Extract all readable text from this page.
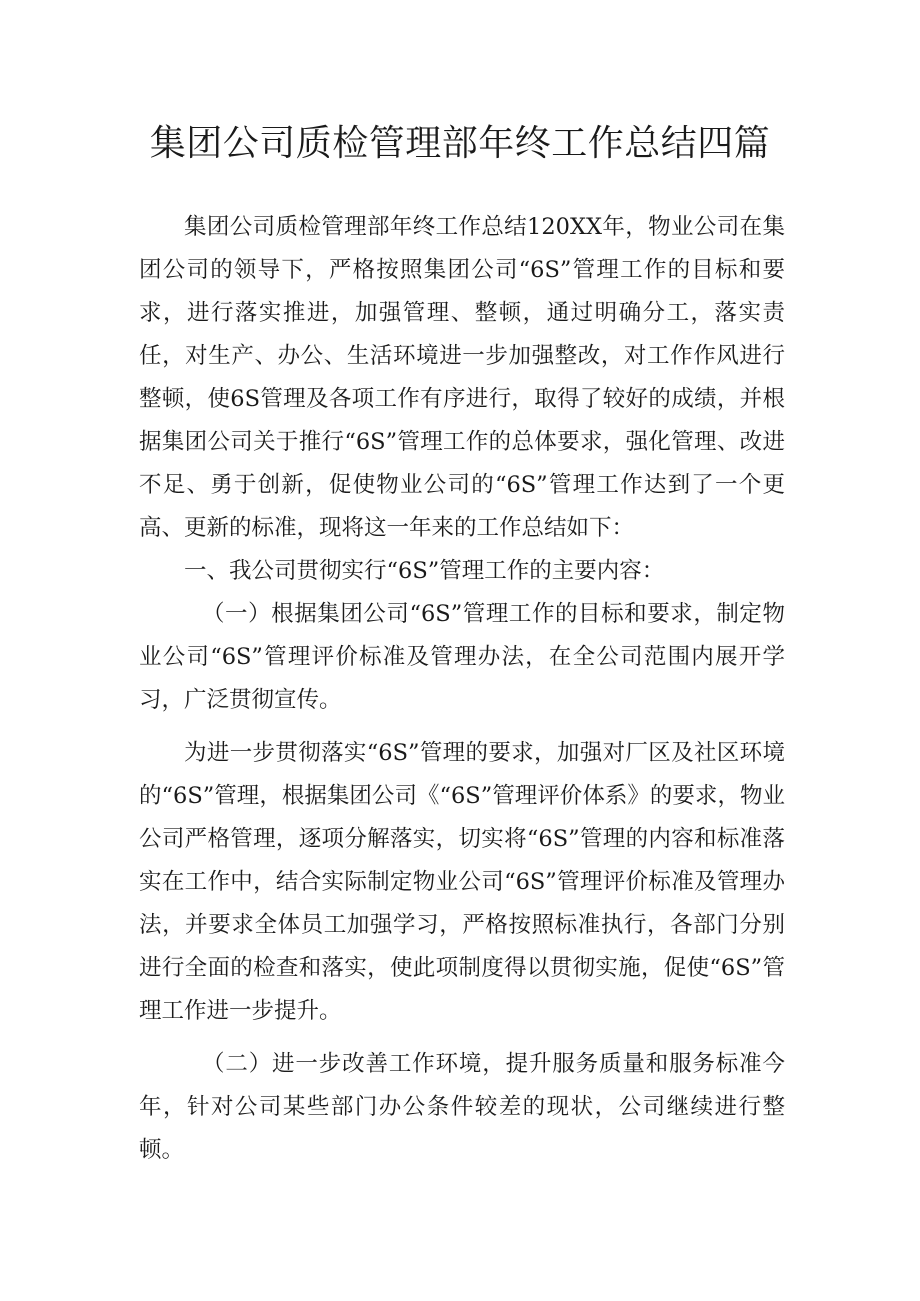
集团公司质检管理部年终工作总结四篇

集团公司质检管理部年终工作总结120XX年，物业公司在集团公司的领导下，严格按照集团公司“6S”管理工作的目标和要求，进行落实推进，加强管理、整顿，通过明确分工，落实责任，对生产、办公、生活环境进一步加强整改，对工作作风进行整顿，使6S管理及各项工作有序进行，取得了较好的成绩，并根据集团公司关于推行“6S”管理工作的总体要求，强化管理、改进不足、勇于创新，促使物业公司的“6S”管理工作达到了一个更高、更新的标准，现将这一年来的工作总结如下：

一、我公司贯彻实行“6S”管理工作的主要内容：

（一）根据集团公司“6S”管理工作的目标和要求，制定物业公司“6S”管理评价标准及管理办法，在全公司范围内展开学习，广泛贯彻宣传。

为进一步贯彻落实“6S”管理的要求，加强对厂区及社区环境的“6S”管理，根据集团公司《“6S”管理评价体系》的要求，物业公司严格管理，逐项分解落实，切实将“6S”管理的内容和标准落实在工作中，结合实际制定物业公司“6S”管理评价标准及管理办法，并要求全体员工加强学习，严格按照标准执行，各部门分别进行全面的检查和落实，使此项制度得以贯彻实施，促使“6S”管理工作进一步提升。

（二）进一步改善工作环境，提升服务质量和服务标准今年，针对公司某些部门办公条件较差的现状，公司继续进行整顿。
